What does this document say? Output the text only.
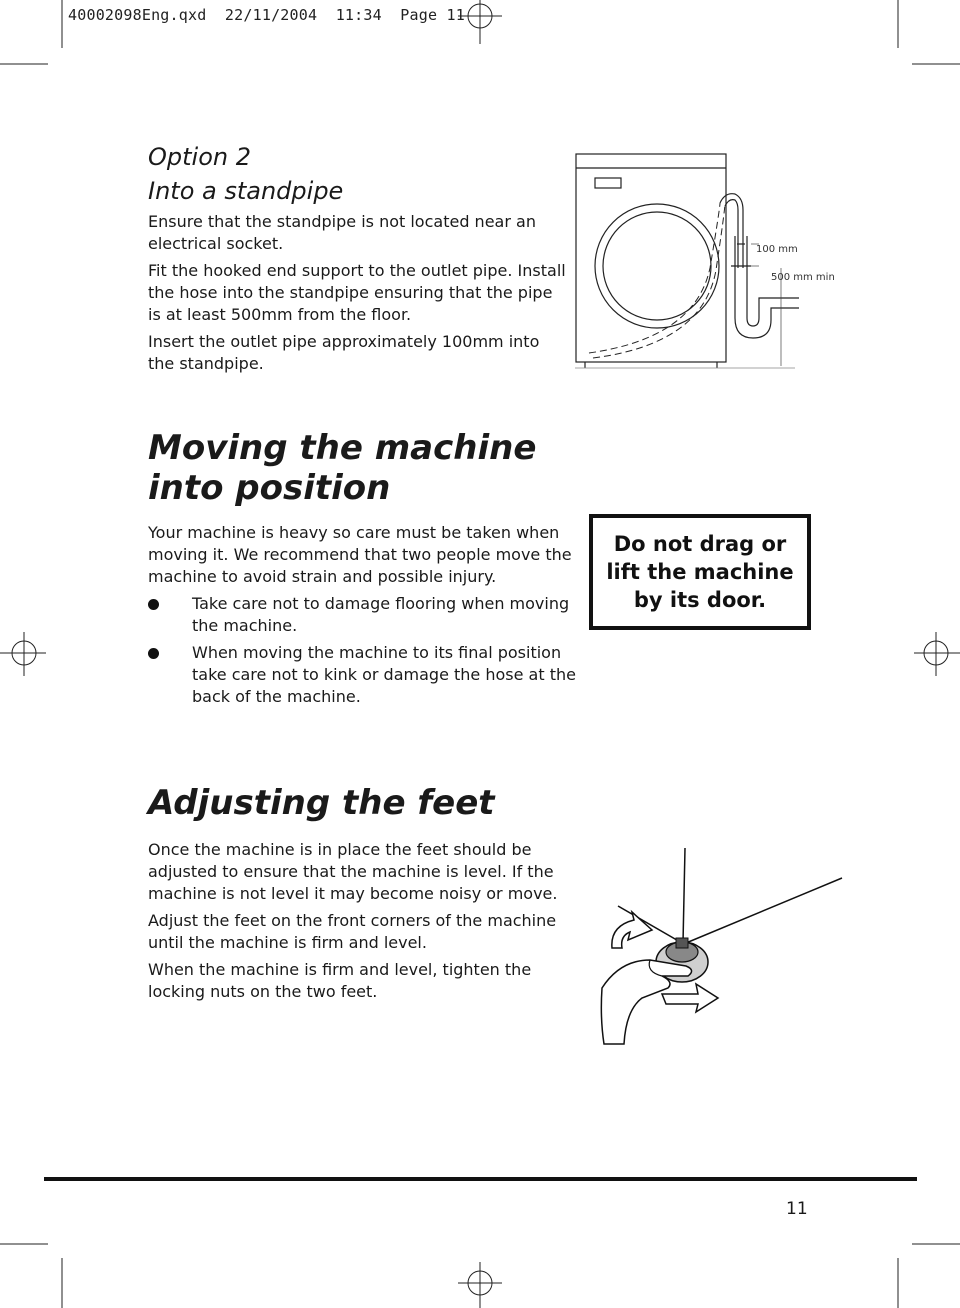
40002098Eng.qxd  22/11/2004  11:34  Page 11
Option 2
Into a standpipe

Ensure that the standpipe is not located near an electrical socket.

Fit the hooked end support to the outlet pipe. Install the hose into the standpipe ensuring that the pipe is at least 500mm from the floor.

Insert the outlet pipe approximately 100mm into the standpipe.

100 mm
500 mm min
Moving the machine
into position

Your machine is heavy so care must be taken when moving it. We recommend that two people move the machine to avoid strain and possible injury.

Take care not to damage flooring when moving the machine.
When moving the machine to its final position take care not to kink or damage the hose at the back of the machine.
Do not drag or
lift the machine
by its door.
Adjusting the feet

Once the machine is in place the feet should be adjusted to ensure that the machine is level. If the machine is not level it may become noisy or move.

Adjust the feet on the front corners of the machine until the machine is firm and level.

When the machine is firm and level, tighten the locking nuts on the two feet.

11
